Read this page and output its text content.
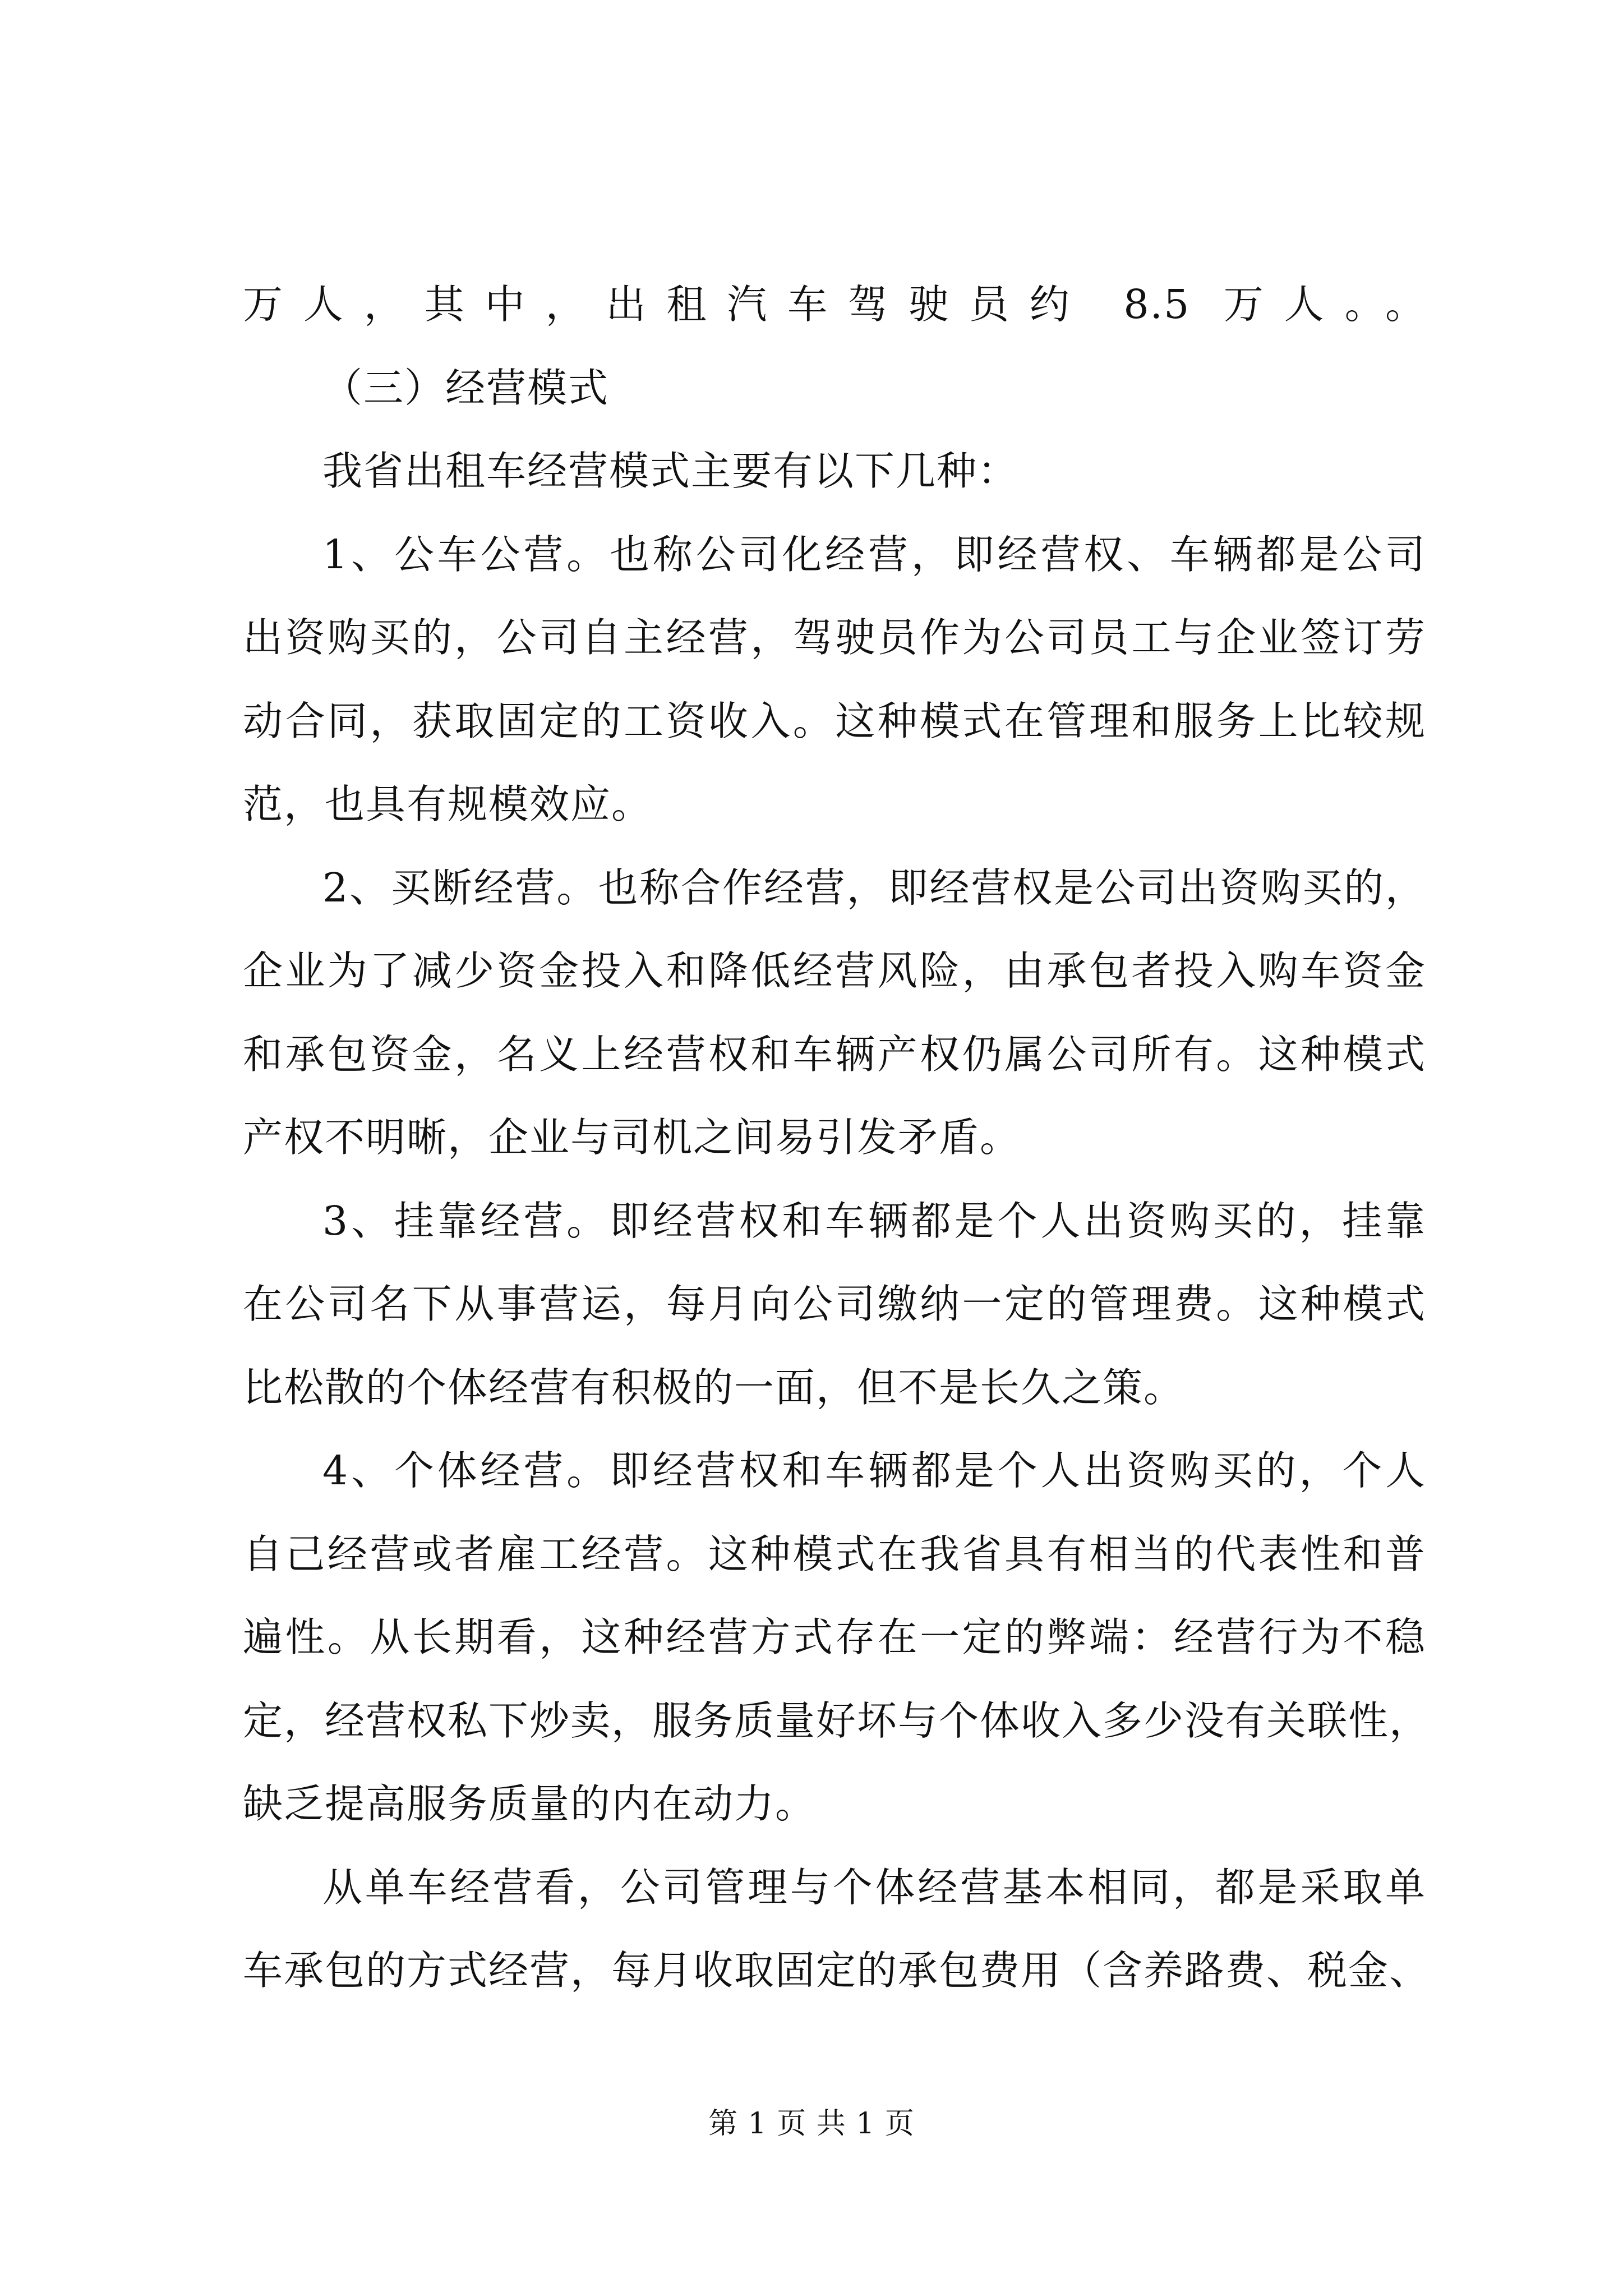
万人，其中，出租汽车驾驶员约 8.5 万人。。
（三）经营模式
我省出租车经营模式主要有以下几种：
1、公车公营。也称公司化经营，即经营权、车辆都是公司
出资购买的，公司自主经营，驾驶员作为公司员工与企业签订劳
动合同，获取固定的工资收入。这种模式在管理和服务上比较规
范，也具有规模效应。
2、买断经营。也称合作经营，即经营权是公司出资购买的，
企业为了减少资金投入和降低经营风险，由承包者投入购车资金
和承包资金，名义上经营权和车辆产权仍属公司所有。这种模式
产权不明晰，企业与司机之间易引发矛盾。
3、挂靠经营。即经营权和车辆都是个人出资购买的，挂靠
在公司名下从事营运，每月向公司缴纳一定的管理费。这种模式
比松散的个体经营有积极的一面，但不是长久之策。
4、个体经营。即经营权和车辆都是个人出资购买的，个人
自己经营或者雇工经营。这种模式在我省具有相当的代表性和普
遍性。从长期看，这种经营方式存在一定的弊端：经营行为不稳
定，经营权私下炒卖，服务质量好坏与个体收入多少没有关联性，
缺乏提高服务质量的内在动力。
从单车经营看，公司管理与个体经营基本相同，都是采取单
车承包的方式经营，每月收取固定的承包费用（含养路费、税金、
第 1 页 共 1 页
